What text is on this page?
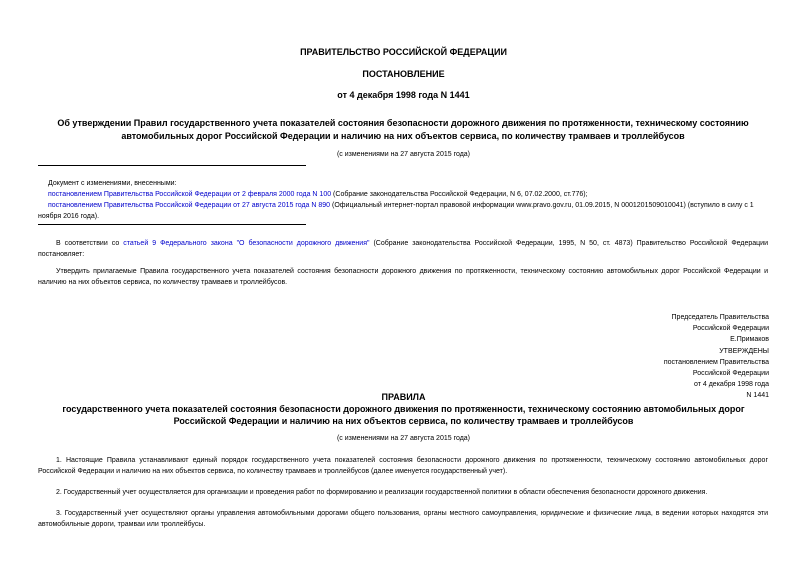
ПРАВИТЕЛЬСТВО РОССИЙСКОЙ ФЕДЕРАЦИИ
ПОСТАНОВЛЕНИЕ
от 4 декабря 1998 года N 1441
Об утверждении Правил государственного учета показателей состояния безопасности дорожного движения по протяженности, техническому состоянию автомобильных дорог Российской Федерации и наличию на них объектов сервиса, по количеству трамваев и троллейбусов
(с изменениями на 27 августа 2015 года)
Документ с изменениями, внесенными:
постановлением Правительства Российской Федерации от 2 февраля 2000 года N 100 (Собрание законодательства Российской Федерации, N 6, 07.02.2000, ст.776);
постановлением Правительства Российской Федерации от 27 августа 2015 года N 890 (Официальный интернет-портал правовой информации www.pravo.gov.ru, 01.09.2015, N 0001201509010041) (вступило в силу с 1 ноября 2016 года).
В соответствии со статьей 9 Федерального закона "О безопасности дорожного движения" (Собрание законодательства Российской Федерации, 1995, N 50, ст. 4873) Правительство Российской Федерации постановляет:
Утвердить прилагаемые Правила государственного учета показателей состояния безопасности дорожного движения по протяженности, техническому состоянию автомобильных дорог Российской Федерации и наличию на них объектов сервиса, по количеству трамваев и троллейбусов.
Председатель Правительства
Российской Федерации
Е.Примаков
УТВЕРЖДЕНЫ
постановлением Правительства
Российской Федерации
от 4 декабря 1998 года
N 1441
ПРАВИЛА
государственного учета показателей состояния безопасности дорожного движения по протяженности, техническому состоянию автомобильных дорог Российской Федерации и наличию на них объектов сервиса, по количеству трамваев и троллейбусов
(с изменениями на 27 августа 2015 года)
1. Настоящие Правила устанавливают единый порядок государственного учета показателей состояния безопасности дорожного движения по протяженности, техническому состоянию автомобильных дорог Российской Федерации и наличию на них объектов сервиса, по количеству трамваев и троллейбусов (далее именуется государственный учет).
2. Государственный учет осуществляется для организации и проведения работ по формированию и реализации государственной политики в области обеспечения безопасности дорожного движения.
3. Государственный учет осуществляют органы управления автомобильными дорогами общего пользования, органы местного самоуправления, юридические и физические лица, в ведении которых находятся эти автомобильные дороги, трамваи или троллейбусы.
